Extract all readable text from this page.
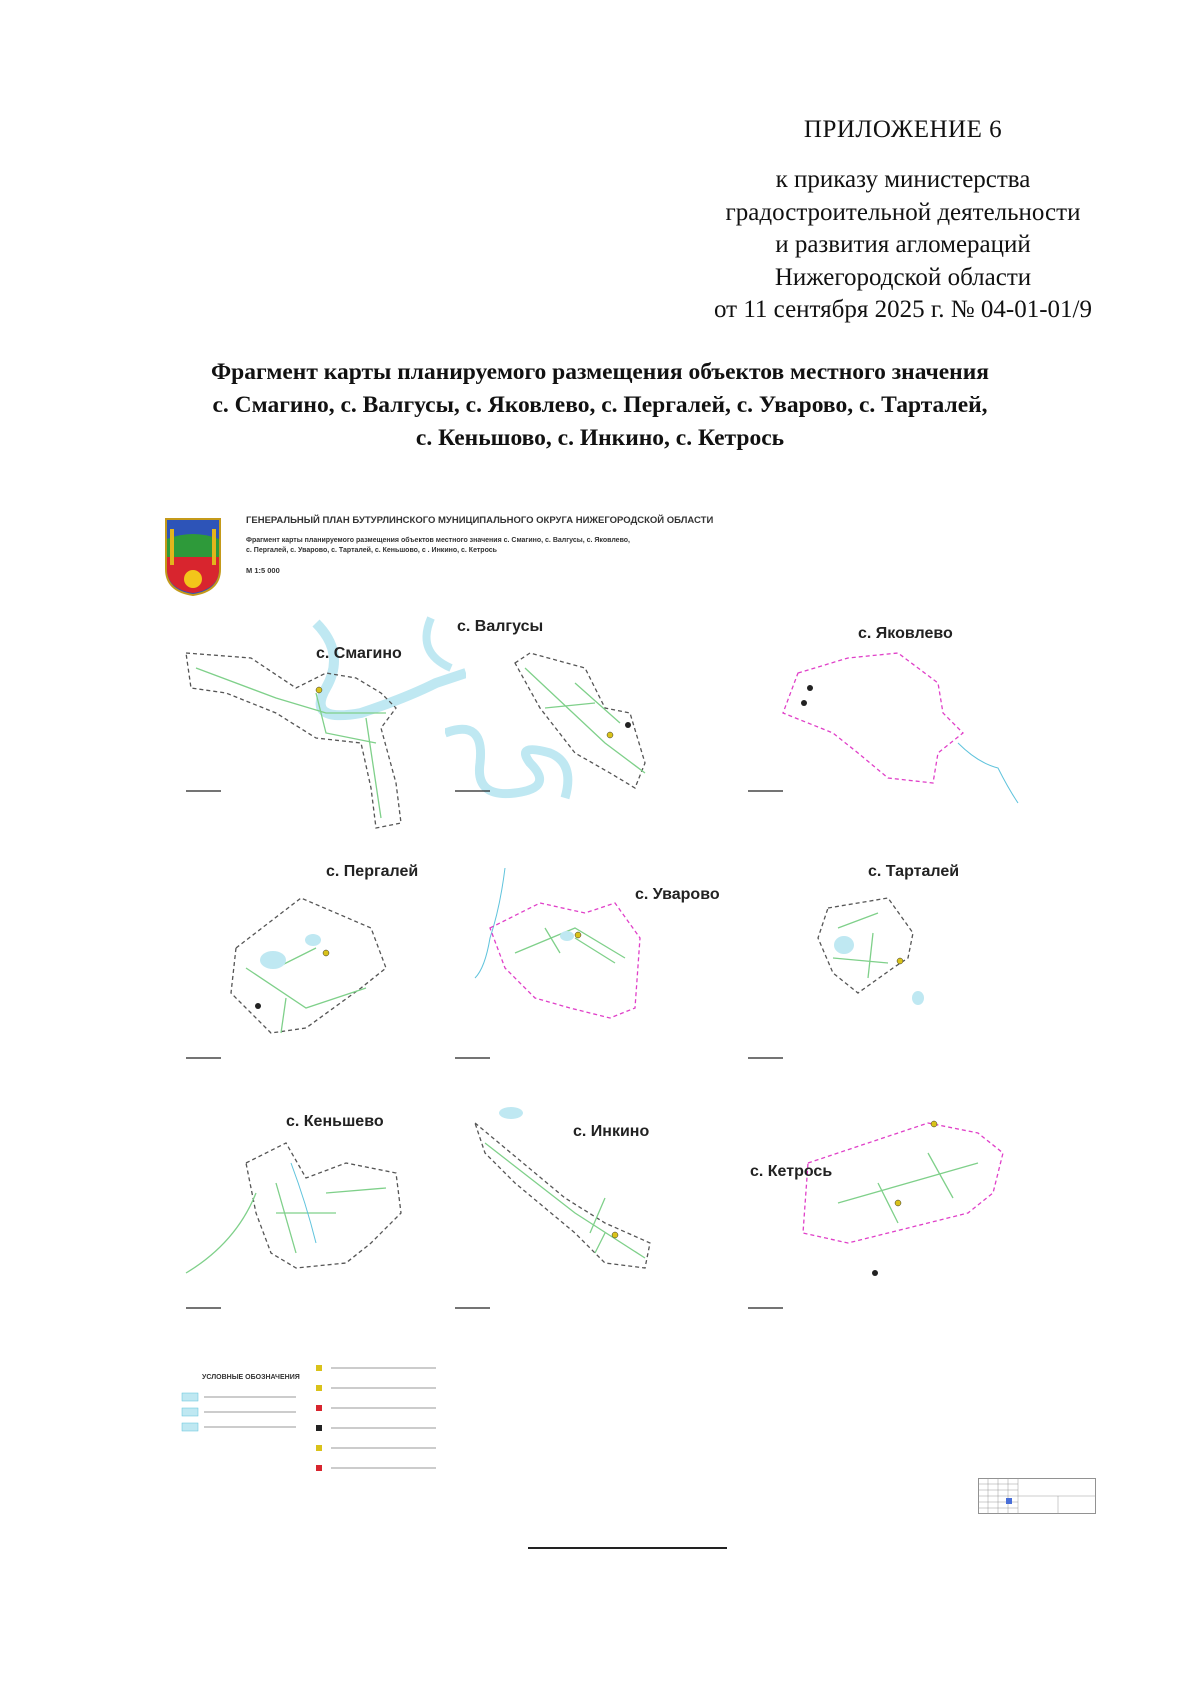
ПРИЛОЖЕНИЕ 6
к приказу министерства
градостроительной деятельности
и развития агломераций
Нижегородской области
от 11 сентября 2025 г. № 04-01-01/9
Фрагмент карты планируемого размещения объектов местного значения
с. Смагино, с. Валгусы, с. Яковлево, с. Пергалей, с. Уварово, с. Тарталей,
с. Кеньшово, с. Инкино, с. Кетрось
ГЕНЕРАЛЬНЫЙ ПЛАН БУТУРЛИНСКОГО МУНИЦИПАЛЬНОГО ОКРУГА НИЖЕГОРОДСКОЙ ОБЛАСТИ
Фрагмент карты планируемого размещения объектов местного значения с. Смагино, с. Валгусы, с. Яковлево,
с. Пергалей, с. Уварово, с. Тарталей, с. Кеньшово, с . Инкино, с. Кетрось
М 1:5 000
с. Смагино
с. Валгусы	с. Яковлево
с. Пергалей
с. Уварово
с. Тарталей
с. Кеньшево
с. Инкино
с. Кетрось
УСЛОВНЫЕ ОБОЗНАЧЕНИЯ
